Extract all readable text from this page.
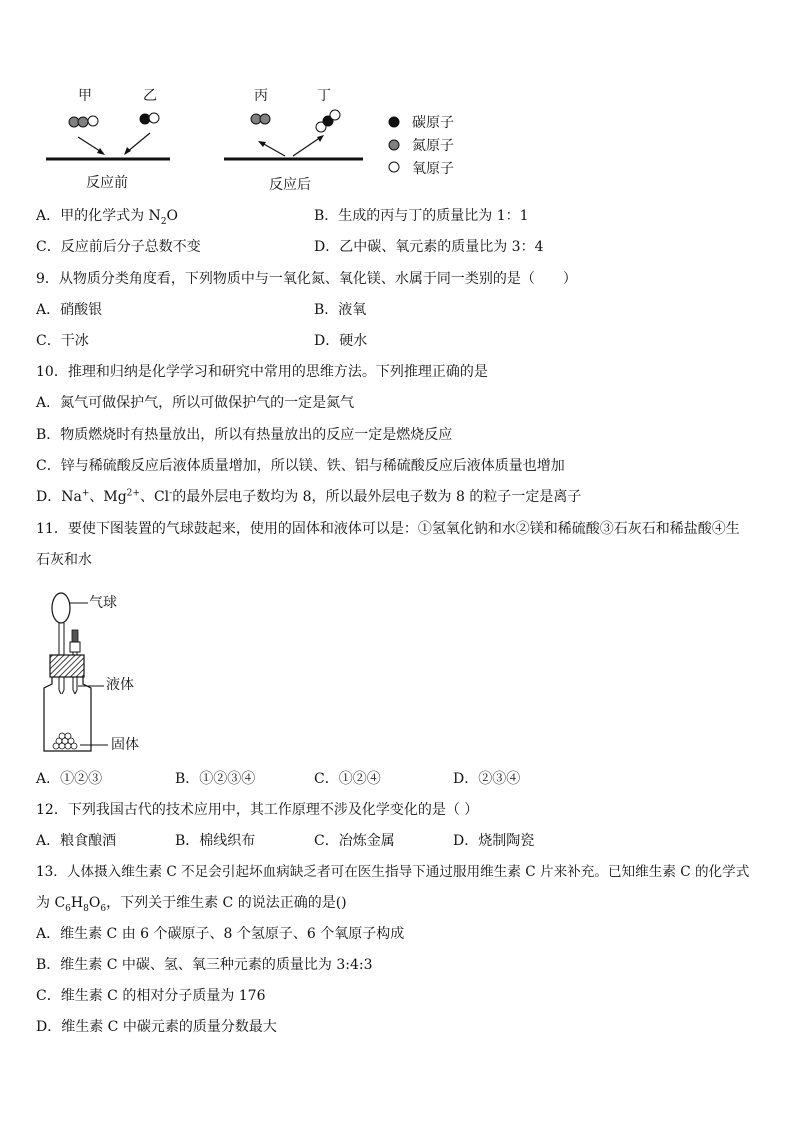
甲	乙	丙	丁
反应前	反应后
碳原子
氮原子
氧原子
A．甲的化学式为 $N_2O$	B．生成的丙与丁的质量比为 1：1
C．反应前后分子总数不变	D．乙中碳、氧元素的质量比为 3：4
9．从物质分类角度看，下列物质中与一氧化氮、氧化镁、水属于同一类别的是（　　）
A．硝酸银	B．液氧
C．干冰	D．硬水
10．推理和归纳是化学学习和研究中常用的思维方法。下列推理正确的是
A．氮气可做保护气，所以可做保护气的一定是氮气
B．物质燃烧时有热量放出，所以有热量放出的反应一定是燃烧反应
C．锌与稀硫酸反应后液体质量增加，所以镁、铁、铝与稀硫酸反应后液体质量也增加
D．Na+、$Mg^{2+}$、Cl-的最外层电子数均为 8，所以最外层电子数为 8 的粒子一定是离子
11．要使下图装置的气球鼓起来，使用的固体和液体可以是：①氢氧化钠和水②镁和稀硫酸③石灰石和稀盐酸④生
石灰和水
气球
液体
固体
A．①②③	B．①②③④	C．①②④	D．②③④
12．下列我国古代的技术应用中，其工作原理不涉及化学变化的是（ ）
A．粮食酿酒	B．棉线织布	C．冶炼金属	D．烧制陶瓷
13．人体摄入维生素 C 不足会引起坏血病缺乏者可在医生指导下通过服用维生素 C 片来补充。已知维生素 C 的化学式
为 $C_6H_8O_6$，下列关于维生素 C 的说法正确的是()
A．维生素 C 由 6 个碳原子、8 个氢原子、6 个氧原子构成
B．维生素 C 中碳、氢、氧三种元素的质量比为 3:4:3
C．维生素 C 的相对分子质量为 176
D．维生素 C 中碳元素的质量分数最大
